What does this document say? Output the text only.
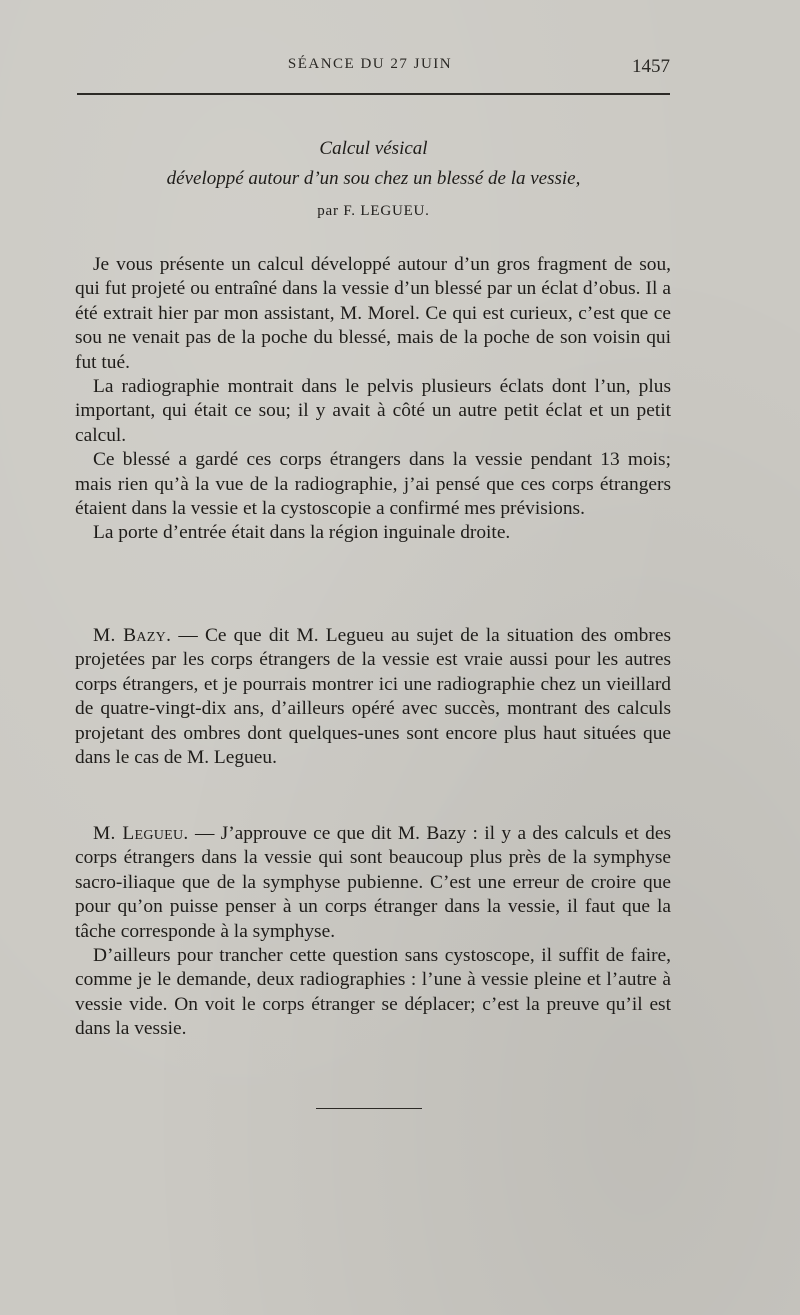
SÉANCE DU 27 JUIN	1457
Calcul vésical
développé autour d’un sou chez un blessé de la vessie,
par F. LEGUEU.

Je vous présente un calcul développé autour d’un gros fragment de sou, qui fut projeté ou entraîné dans la vessie d’un blessé par un éclat d’obus. Il a été extrait hier par mon assistant, M. Morel. Ce qui est curieux, c’est que ce sou ne venait pas de la poche du blessé, mais de la poche de son voisin qui fut tué.

La radiographie montrait dans le pelvis plusieurs éclats dont l’un, plus important, qui était ce sou; il y avait à côté un autre petit éclat et un petit calcul.

Ce blessé a gardé ces corps étrangers dans la vessie pendant 13 mois; mais rien qu’à la vue de la radiographie, j’ai pensé que ces corps étrangers étaient dans la vessie et la cystoscopie a confirmé mes prévisions.

La porte d’entrée était dans la région inguinale droite.

M. Bazy. — Ce que dit M. Legueu au sujet de la situation des ombres projetées par les corps étrangers de la vessie est vraie aussi pour les autres corps étrangers, et je pourrais montrer ici une radiographie chez un vieillard de quatre-vingt-dix ans, d’ailleurs opéré avec succès, montrant des calculs projetant des ombres dont quelques-unes sont encore plus haut situées que dans le cas de M. Legueu.

M. Legueu. — J’approuve ce que dit M. Bazy : il y a des calculs et des corps étrangers dans la vessie qui sont beaucoup plus près de la symphyse sacro-iliaque que de la symphyse pubienne. C’est une erreur de croire que pour qu’on puisse penser à un corps étranger dans la vessie, il faut que la tâche corresponde à la symphyse.

D’ailleurs pour trancher cette question sans cystoscope, il suffit de faire, comme je le demande, deux radiographies : l’une à vessie pleine et l’autre à vessie vide. On voit le corps étranger se déplacer; c’est la preuve qu’il est dans la vessie.
